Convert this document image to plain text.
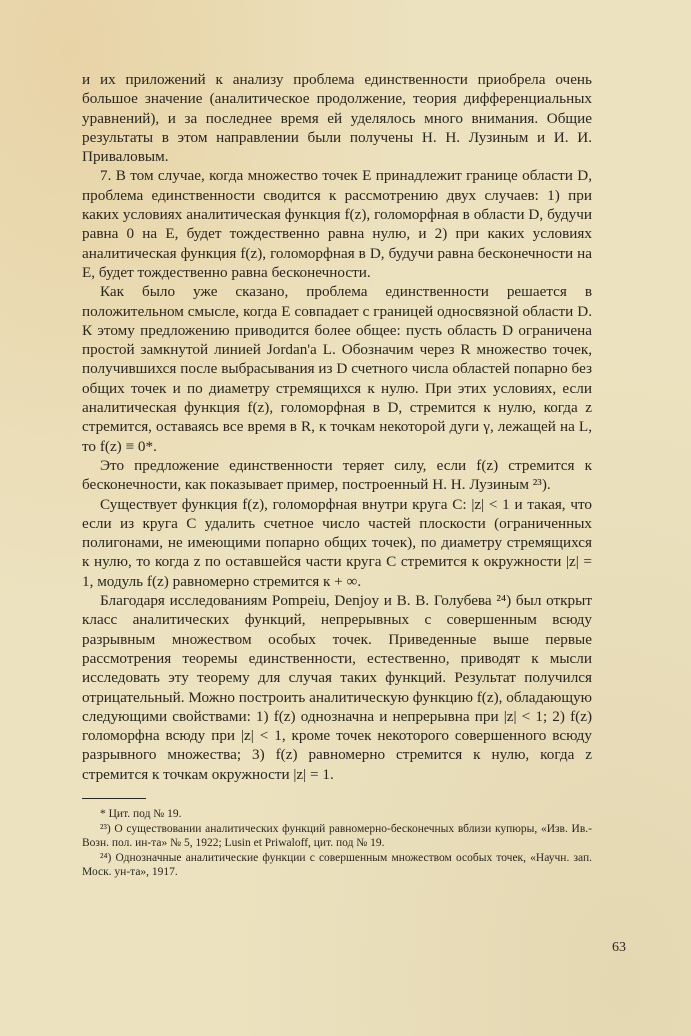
и их приложений к анализу проблема единственности приобрела очень большое значение (аналитическое продолжение, теория дифференциальных уравнений), и за последнее время ей уделялось много внимания. Общие результаты в этом направлении были получены Н. Н. Лузиным и И. И. Приваловым.

7. В том случае, когда множество точек E принадлежит границе области D, проблема единственности сводится к рассмотрению двух случаев: 1) при каких условиях аналитическая функция f(z), голоморфная в области D, будучи равна 0 на E, будет тождественно равна нулю, и 2) при каких условиях аналитическая функция f(z), голоморфная в D, будучи равна бесконечности на E, будет тождественно равна бесконечности.

Как было уже сказано, проблема единственности решается в положительном смысле, когда E совпадает с границей односвязной области D. К этому предложению приводится более общее: пусть область D ограничена простой замкнутой линией Jordan'a L. Обозначим через R множество точек, получившихся после выбрасывания из D счетного числа областей попарно без общих точек и по диаметру стремящихся к нулю. При этих условиях, если аналитическая функция f(z), голоморфная в D, стремится к нулю, когда z стремится, оставаясь все время в R, к точкам некоторой дуги γ, лежащей на L, то f(z) ≡ 0*.

Это предложение единственности теряет силу, если f(z) стремится к бесконечности, как показывает пример, построенный Н. Н. Лузиным ²³).

Существует функция f(z), голоморфная внутри круга C: |z| < 1 и такая, что если из круга C удалить счетное число частей плоскости (ограниченных полигонами, не имеющими попарно общих точек), по диаметру стремящихся к нулю, то когда z по оставшейся части круга C стремится к окружности |z| = 1, модуль f(z) равномерно стремится к + ∞.

Благодаря исследованиям Pompeiu, Denjoy и В. В. Голубева ²⁴) был открыт класс аналитических функций, непрерывных с совершенным всюду разрывным множеством особых точек. Приведенные выше первые рассмотрения теоремы единственности, естественно, приводят к мысли исследовать эту теорему для случая таких функций. Результат получился отрицательный. Можно построить аналитическую функцию f(z), обладающую следующими свойствами: 1) f(z) однозначна и непрерывна при |z| < 1; 2) f(z) голоморфна всюду при |z| < 1, кроме точек некоторого совершенного всюду разрывного множества; 3) f(z) равномерно стремится к нулю, когда z стремится к точкам окружности |z| = 1.

* Цит. под № 19.

²³) О существовании аналитических функций равномерно-бесконечных вблизи купюры, «Изв. Ив.-Возн. пол. ин-та» № 5, 1922; Lusin et Priwaloff, цит. под № 19.

²⁴) Однозначные аналитические функции с совершенным множеством особых точек, «Научн. зап. Моск. ун-та», 1917.

63
